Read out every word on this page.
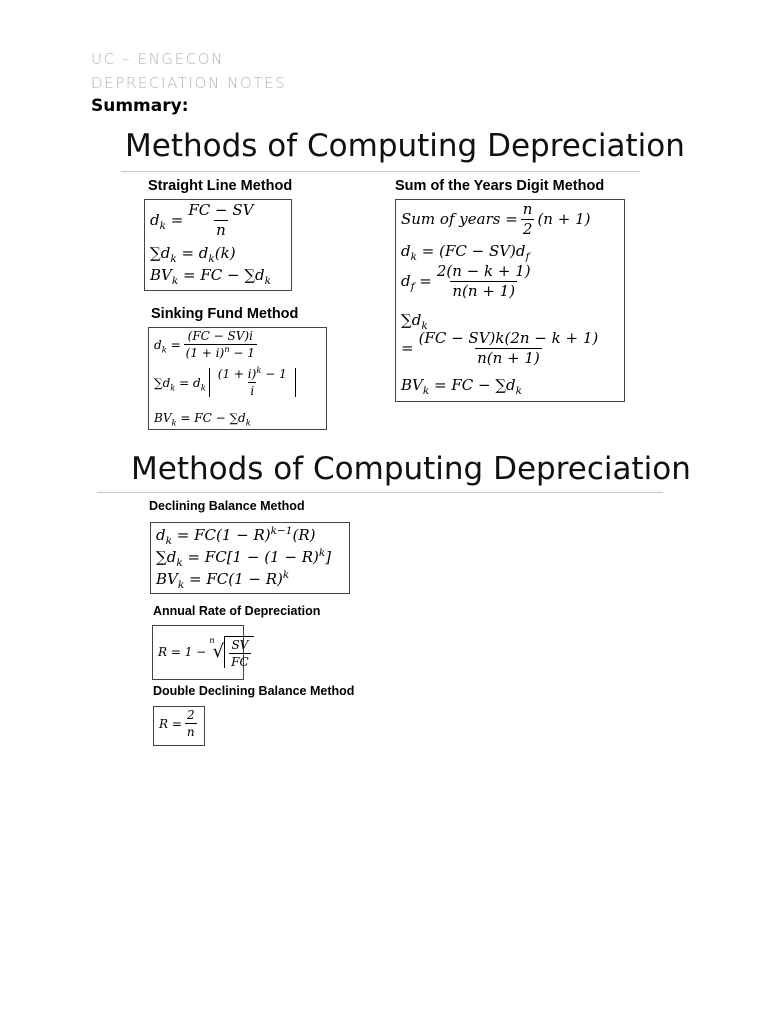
UC – ENGECON
DEPRECIATION NOTES
Summary:
Methods of Computing Depreciation
Straight Line Method
$d_k = \frac{FC - SV}{n}$
$\sum d_k = d_k(k)$
$BV_k$ = FC − $\sum d_k$
Sum of the Years Digit Method
Sum of years = $\frac{n}{2} (n + 1)$
$d_k = (FC - SV)d_f$
$d_f = \frac{2(n - k + 1)}{n(n + 1)}$
$\sum d_k$
= $\frac{(FC - SV)k(2n - k + 1)}{n(n + 1)}$
$BV_k$ = FC − $\sum d_k$
Sinking Fund Method
$d_k = \frac{(FC - SV)i}{(1 + i)^n - 1}$
$\sum d_k = d_k \frac{(1 + i)^k - 1}{i}$
$BV_k$ = FC − $\sum d_k$
Methods of Computing Depreciation
Declining Balance Method
$d_k = FC(1 - R)^{k-1}(R)$
$\sum d_k = FC[1 - (1 - R)^k]$
$BV_k = FC(1 - R)^k$
Annual Rate of Depreciation
R = 1 −
$^n$
√ $\frac{SV}{FC}$
Double Declining Balance Method
$R = \frac{2}{n}$
